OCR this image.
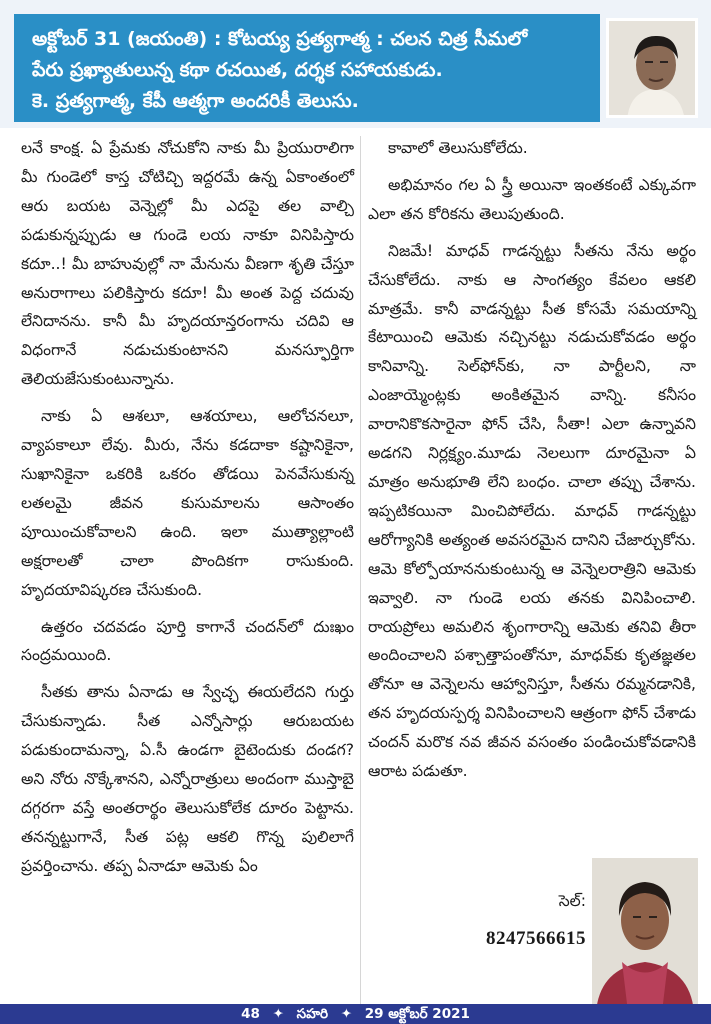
అక్టోబర్ 31 (జయంతి) : కోటయ్య ప్రత్యగాత్మ : చలన చిత్ర సీమలో
పేరు ప్రఖ్యాతులున్న కథా రచయిత, దర్శక సహాయకుడు.
కె. ప్రత్యగాత్మ, కేపీ ఆత్మగా అందరికీ తెలుసు.

లనే కాంక్ష. ఏ ప్రేమకు నోచుకోని నాకు మీ ప్రియురాలిగా మీ గుండెలో కాస్త చోటిచ్చి ఇద్దరమే ఉన్న ఏకాంతంలో ఆరు బయట వెన్నెల్లో మీ ఎదపై తల వాల్చి పడుకున్నప్పుడు ఆ గుండె లయ నాకూ వినిపిస్తారు కదూ..! మీ బాహువుల్లో నా మేనును వీణగా శృతి చేస్తూ అనురాగాలు పలికిస్తారు కదూ! మీ అంత పెద్ద చదువు లేనిదానను. కానీ మీ హృదయాన్తరంగాను చదివి ఆ విధంగానే నడుచుకుంటానని మనస్ఫూర్తిగా తెలియజేసుకుంటున్నాను.

నాకు ఏ ఆశలూ, ఆశయాలు, ఆలోచనలూ, వ్యాపకాలూ లేవు. మీరు, నేను కడదాకా కష్టానికైనా, సుఖానికైనా ఒకరికి ఒకరం తోడయి పెనవేసుకున్న లతలమై జీవన కుసుమాలను ఆసాంతం పూయించుకోవాలని ఉంది. ఇలా ముత్యాల్లాంటి అక్షరాలతో చాలా పొందికగా రాసుకుంది. హృదయావిష్కరణ చేసుకుంది.

ఉత్తరం చదవడం పూర్తి కాగానే చందన్‌లో దుఃఖం సంద్రమయింది.

సీతకు తాను ఏనాడు ఆ స్వేచ్ఛ ఈయలేదని గుర్తు చేసుకున్నాడు. సీత ఎన్నోసార్లు ఆరుబయట పడుకుందామన్నా, ఏ.సీ ఉండగా బైటెందుకు దండగ? అని నోరు నొక్కేశానని, ఎన్నోరాత్రులు అందంగా ముస్తాబై దగ్గరగా వస్తే అంతరార్థం తెలుసుకోలేక దూరం పెట్టాను. తనన్నట్టుగానే, సీత పట్ల ఆకలి గొన్న పులిలాగే ప్రవర్తించాను. తప్ప ఏనాడూ ఆమెకు ఏం

కావాలో తెలుసుకోలేదు.

అభిమానం గల ఏ స్త్రీ అయినా ఇంతకంటే ఎక్కువగా ఎలా తన కోరికను తెలుపుతుంది.

నిజమే! మాధవ్ గాడన్నట్టు సీతను నేను అర్థం చేసుకోలేదు. నాకు ఆ సాంగత్యం కేవలం ఆకలి మాత్రమే. కానీ వాడన్నట్టు సీత కోసమే సమయాన్ని కేటాయించి ఆమెకు నచ్చినట్టు నడుచుకోవడం అర్థం కానివాన్ని. సెల్‌ఫోన్‌కు, నా పార్టీలని, నా ఎంజాయ్మెంట్లకు అంకితమైన వాన్ని. కనీసం వారానికొకసారైనా ఫోన్ చేసి, సీతా! ఎలా ఉన్నావని అడగని నిర్లక్ష్యం.మూడు నెలలుగా దూరమైనా ఏ మాత్రం అనుభూతి లేని బంధం. చాలా తప్పు చేశాను. ఇప్పటికయినా మించిపోలేదు. మాధవ్ గాడన్నట్టు ఆరోగ్యానికి అత్యంత అవసరమైన దానిని చేజార్చుకోను. ఆమె కోల్పోయాననుకుంటున్న ఆ వెన్నెలరాత్రిని ఆమెకు ఇవ్వాలి. నా గుండె లయ తనకు వినిపించాలి. రాయప్రోలు అమలిన శృంగారాన్ని ఆమెకు తనివి తీరా అందించాలని పశ్చాత్తాపంతోనూ, మాధవ్‌కు కృతజ్ఞతల తోనూ ఆ వెన్నెలను ఆహ్వానిస్తూ, సీతను రమ్మనడానికి, తన హృదయస్పర్శ వినిపించాలని ఆత్రంగా ఫోన్ చేశాడు చందన్ మరొక నవ జీవన వసంతం పండించుకోవడానికి ఆరాట పడుతూ.

సెల్:
8247566615
48 ✦ సహరి ✦ 29 అక్టోబర్ 2021
